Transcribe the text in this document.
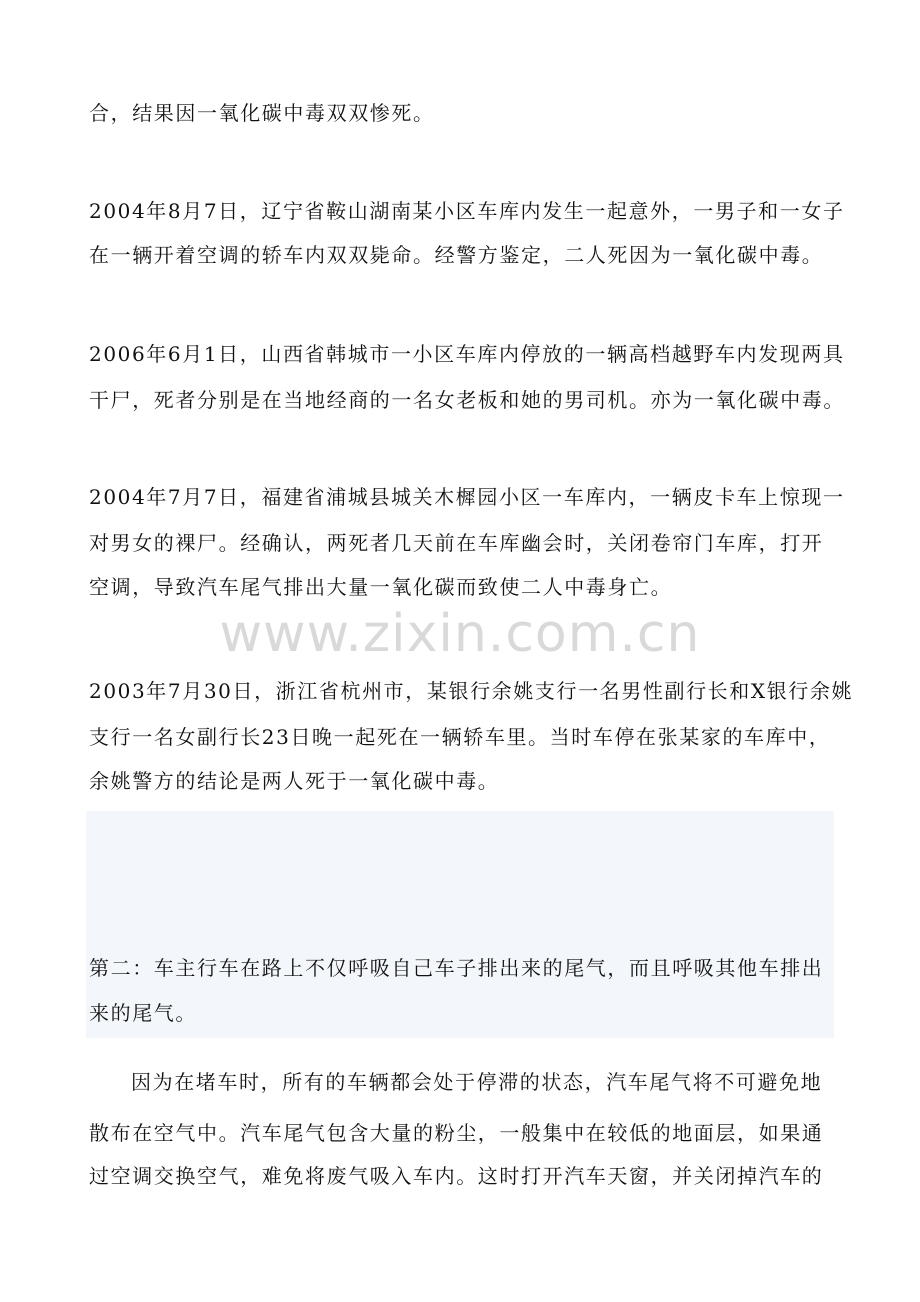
合，结果因一氧化碳中毒双双惨死。
2004年8月7日，辽宁省鞍山湖南某小区车库内发生一起意外，一男子和一女子
在一辆开着空调的轿车内双双毙命。经警方鉴定，二人死因为一氧化碳中毒。
2006年6月1日，山西省韩城市一小区车库内停放的一辆高档越野车内发现两具
干尸，死者分别是在当地经商的一名女老板和她的男司机。亦为一氧化碳中毒。
2004年7月7日，福建省浦城县城关木樨园小区一车库内，一辆皮卡车上惊现一
对男女的裸尸。经确认，两死者几天前在车库幽会时，关闭卷帘门车库，打开
空调，导致汽车尾气排出大量一氧化碳而致使二人中毒身亡。
www.zixin.com.cn
2003年7月30日，浙江省杭州市，某银行余姚支行一名男性副行长和X银行余姚
支行一名女副行长23日晚一起死在一辆轿车里。当时车停在张某家的车库中，
余姚警方的结论是两人死于一氧化碳中毒。
第二：车主行车在路上不仅呼吸自己车子排出来的尾气，而且呼吸其他车排出
来的尾气。
因为在堵车时，所有的车辆都会处于停滞的状态，汽车尾气将不可避免地
散布在空气中。汽车尾气包含大量的粉尘，一般集中在较低的地面层，如果通
过空调交换空气，难免将废气吸入车内。这时打开汽车天窗，并关闭掉汽车的
